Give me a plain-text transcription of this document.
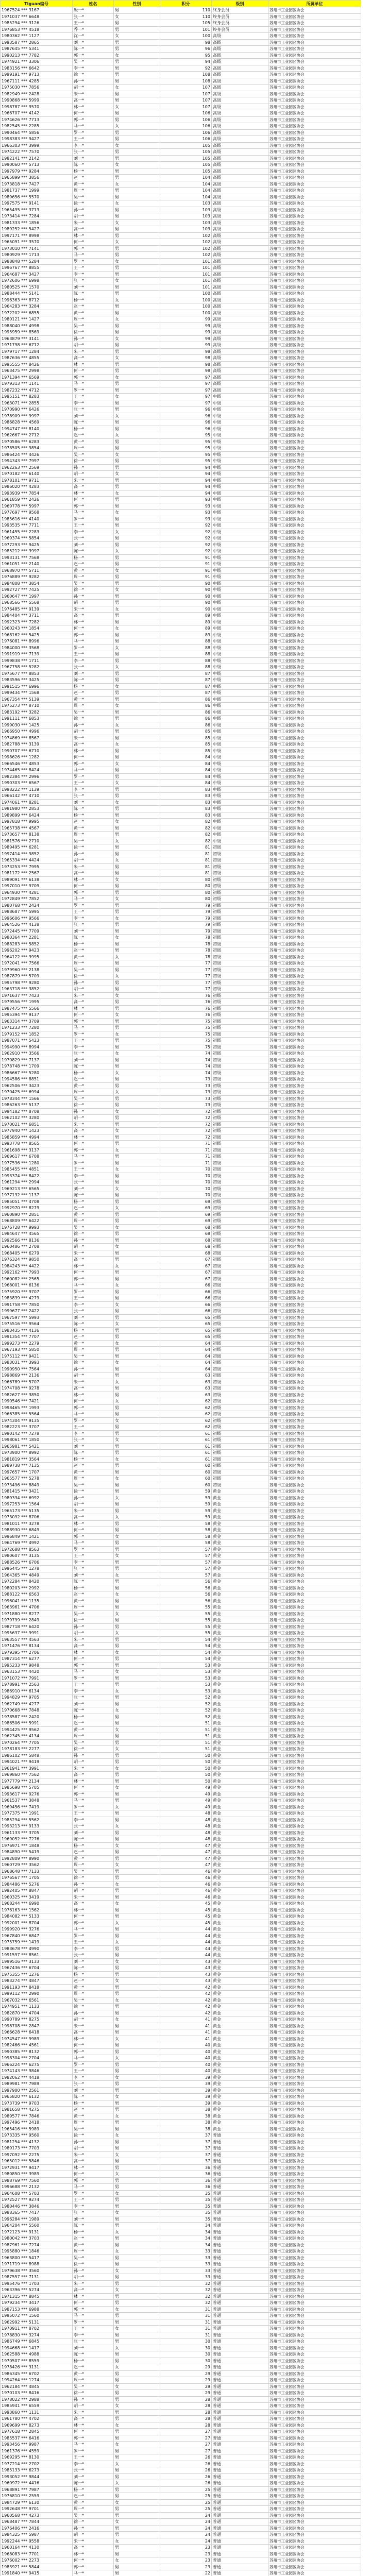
Tiguan编号	姓名	性别	积分	级别	所属单位
1967524 *** 3167	殷一*	男	110	终身会员	苏州市工业园区协会
1971037 *** 6648	张一*	女	110	终身会员	苏州市工业园区协会
1985294 *** 3126	王一*	男	105	终身会员	苏州市工业园区协会
1976853 *** 4518	乔一*	男	101	终身会员	苏州市工业园区协会
1980362 *** 1127	沈一*	女	100	高级	苏州市工业园区协会
1993587 *** 2865	刘一*	男	98	高级	苏州市工业园区协会
1987645 *** 5341	陈一*	男	96	高级	苏州市工业园区协会
1990213 *** 7782	郭一*	女	95	高级	苏州市工业园区协会
1974921 *** 3306	吴一*	男	94	高级	苏州市工业园区协会
1983156 *** 6642	李一*	男	92	高级	苏州市工业园区协会
1999191 *** 9713	徐一*	男	108	高级	苏州市工业园区协会
1967111 *** 4285	孙一*	男	108	高级	苏州市工业园区协会
1975030 *** 7856	胡一*	女	107	高级	苏州市工业园区协会
1982949 *** 2428	朱一*	男	107	高级	苏州市工业园区协会
1990868 *** 5999	高一*	男	107	高级	苏州市工业园区协会
1998787 *** 9570	林一*	女	107	高级	苏州市工业园区协会
1966707 *** 4142	何一*	男	106	高级	苏州市工业园区协会
1974626 *** 7713	郭一*	男	106	高级	苏州市工业园区协会
1982545 *** 2285	马一*	女	106	高级	苏州市工业园区协会
1990464 *** 5856	罗一*	男	106	高级	苏州市工业园区协会
1998383 *** 9427	王一*	男	106	高级	苏州市工业园区协会
1966303 *** 3999	李一*	女	105	高级	苏州市工业园区协会
1974222 *** 7570	张一*	男	105	高级	苏州市工业园区协会
1982141 *** 2142	刘一*	男	105	高级	苏州市工业园区协会
1990060 *** 5713	陈一*	女	105	高级	苏州市工业园区协会
1997979 *** 9284	杨一*	男	105	高级	苏州市工业园区协会
1965899 *** 3856	赵一*	男	104	高级	苏州市工业园区协会
1973818 *** 7427	黄一*	女	104	高级	苏州市工业园区协会
1981737 *** 1999	周一*	男	104	高级	苏州市工业园区协会
1989656 *** 5570	吴一*	男	104	高级	苏州市工业园区协会
1997575 *** 9141	徐一*	女	103	高级	苏州市工业园区协会
1965495 *** 3713	孙一*	男	103	高级	苏州市工业园区协会
1973414 *** 7284	胡一*	男	103	高级	苏州市工业园区协会
1981333 *** 1856	朱一*	女	103	高级	苏州市工业园区协会
1989252 *** 5427	高一*	男	103	高级	苏州市工业园区协会
1997171 *** 8998	林一*	男	102	高级	苏州市工业园区协会
1965091 *** 3570	何一*	女	102	高级	苏州市工业园区协会
1973010 *** 7141	郭一*	男	102	高级	苏州市工业园区协会
1980929 *** 1713	马一*	男	102	高级	苏州市工业园区协会
1988848 *** 5284	罗一*	女	101	高级	苏州市工业园区协会
1996767 *** 8855	王一*	男	101	高级	苏州市工业园区协会
1964687 *** 3427	李一*	男	101	高级	苏州市工业园区协会
1972606 *** 6998	张一*	女	101	高级	苏州市工业园区协会
1980525 *** 1570	刘一*	男	101	高级	苏州市工业园区协会
1988444 *** 5141	陈一*	男	100	高级	苏州市工业园区协会
1996363 *** 8712	杨一*	女	100	高级	苏州市工业园区协会
1964283 *** 3284	赵一*	男	100	高级	苏州市工业园区协会
1972202 *** 6855	黄一*	男	100	高级	苏州市工业园区协会
1980121 *** 1427	周一*	女	99	高级	苏州市工业园区协会
1988040 *** 4998	吴一*	男	99	高级	苏州市工业园区协会
1995959 *** 8569	徐一*	男	99	高级	苏州市工业园区协会
1963879 *** 3141	孙一*	女	99	高级	苏州市工业园区协会
1971798 *** 6712	胡一*	男	99	高级	苏州市工业园区协会
1979717 *** 1284	朱一*	男	98	高级	苏州市工业园区协会
1987636 *** 4855	高一*	女	98	高级	苏州市工业园区协会
1995555 *** 8426	林一*	男	98	高级	苏州市工业园区协会
1963475 *** 2998	何一*	男	98	高级	苏州市工业园区协会
1971394 *** 6569	郭一*	女	97	高级	苏州市工业园区协会
1979313 *** 1141	马一*	男	97	高级	苏州市工业园区协会
1987232 *** 4712	罗一*	男	97	高级	苏州市工业园区协会
1995151 *** 8283	王一*	女	97	中级	苏州市工业园区协会
1963071 *** 2855	李一*	男	97	中级	苏州市工业园区协会
1970990 *** 6426	张一*	男	96	中级	苏州市工业园区协会
1978909 *** 9997	刘一*	女	96	中级	苏州市工业园区协会
1986828 *** 4569	陈一*	男	96	中级	苏州市工业园区协会
1994747 *** 8140	杨一*	男	96	中级	苏州市工业园区协会
1962667 *** 2712	赵一*	女	95	中级	苏州市工业园区协会
1970586 *** 6283	黄一*	男	95	中级	苏州市工业园区协会
1978505 *** 9854	周一*	男	95	中级	苏州市工业园区协会
1986424 *** 4426	吴一*	女	95	中级	苏州市工业园区协会
1994343 *** 7997	徐一*	男	95	中级	苏州市工业园区协会
1962263 *** 2569	孙一*	男	94	中级	苏州市工业园区协会
1970182 *** 6140	胡一*	女	94	中级	苏州市工业园区协会
1978101 *** 9711	朱一*	男	94	中级	苏州市工业园区协会
1986020 *** 4283	高一*	男	94	中级	苏州市工业园区协会
1993939 *** 7854	林一*	女	94	中级	苏州市工业园区协会
1961859 *** 2426	何一*	男	93	中级	苏州市工业园区协会
1969778 *** 5997	郭一*	男	93	中级	苏州市工业园区协会
1977697 *** 9568	马一*	女	93	中级	苏州市工业园区协会
1985616 *** 4140	罗一*	男	93	中级	苏州市工业园区协会
1993535 *** 7711	王一*	男	92	中级	苏州市工业园区协会
1961455 *** 2283	李一*	女	92	中级	苏州市工业园区协会
1969374 *** 5854	张一*	男	92	中级	苏州市工业园区协会
1977293 *** 9425	刘一*	男	92	中级	苏州市工业园区协会
1985212 *** 3997	陈一*	女	92	中级	苏州市工业园区协会
1993131 *** 7568	杨一*	男	91	中级	苏州市工业园区协会
1961051 *** 2140	赵一*	男	91	中级	苏州市工业园区协会
1968970 *** 5711	黄一*	女	91	中级	苏州市工业园区协会
1976889 *** 9282	周一*	男	91	中级	苏州市工业园区协会
1984808 *** 3854	吴一*	男	90	中级	苏州市工业园区协会
1992727 *** 7425	徐一*	女	90	中级	苏州市工业园区协会
1960647 *** 1997	孙一*	男	90	中级	苏州市工业园区协会
1968566 *** 5568	胡一*	男	90	中级	苏州市工业园区协会
1976485 *** 9139	朱一*	女	90	中级	苏州市工业园区协会
1984404 *** 3711	高一*	男	89	中级	苏州市工业园区协会
1992323 *** 7282	林一*	男	89	中级	苏州市工业园区协会
1960243 *** 1854	何一*	女	89	中级	苏州市工业园区协会
1968162 *** 5425	郭一*	男	89	中级	苏州市工业园区协会
1976081 *** 8996	马一*	男	88	中级	苏州市工业园区协会
1984000 *** 3568	罗一*	女	88	中级	苏州市工业园区协会
1991919 *** 7139	王一*	男	88	中级	苏州市工业园区协会
1999838 *** 1711	李一*	男	88	中级	苏州市工业园区协会
1967758 *** 5282	张一*	女	88	中级	苏州市工业园区协会
1975677 *** 8853	刘一*	男	87	中级	苏州市工业园区协会
1983596 *** 3425	陈一*	男	87	中级	苏州市工业园区协会
1991515 *** 6996	杨一*	女	87	中级	苏州市工业园区协会
1999434 *** 1568	赵一*	男	87	中级	苏州市工业园区协会
1967354 *** 5139	黄一*	男	86	中级	苏州市工业园区协会
1975273 *** 8710	周一*	女	86	中级	苏州市工业园区协会
1983192 *** 3282	吴一*	男	86	中级	苏州市工业园区协会
1991111 *** 6853	徐一*	男	86	中级	苏州市工业园区协会
1999030 *** 1425	孙一*	女	86	中级	苏州市工业园区协会
1966950 *** 4996	胡一*	男	85	中级	苏州市工业园区协会
1974869 *** 8567	朱一*	男	85	中级	苏州市工业园区协会
1982788 *** 3139	高一*	女	85	中级	苏州市工业园区协会
1990707 *** 6710	林一*	男	85	中级	苏州市工业园区协会
1998626 *** 1282	何一*	男	84	中级	苏州市工业园区协会
1966546 *** 4853	郭一*	女	84	中级	苏州市工业园区协会
1974465 *** 8424	马一*	男	84	中级	苏州市工业园区协会
1982384 *** 2996	罗一*	男	84	中级	苏州市工业园区协会
1990303 *** 6567	王一*	女	84	中级	苏州市工业园区协会
1998222 *** 1139	李一*	男	83	中级	苏州市工业园区协会
1966142 *** 4710	张一*	男	83	中级	苏州市工业园区协会
1974061 *** 8281	刘一*	女	83	中级	苏州市工业园区协会
1981980 *** 2853	陈一*	男	83	中级	苏州市工业园区协会
1989899 *** 6424	杨一*	男	83	中级	苏州市工业园区协会
1997818 *** 9995	赵一*	女	82	中级	苏州市工业园区协会
1965738 *** 4567	黄一*	男	82	中级	苏州市工业园区协会
1973657 *** 8138	周一*	男	82	中级	苏州市工业园区协会
1981576 *** 2710	吴一*	女	82	中级	苏州市工业园区协会
1989495 *** 6281	徐一*	男	81	初级	苏州市工业园区协会
1997414 *** 9852	孙一*	男	81	初级	苏州市工业园区协会
1965334 *** 4424	胡一*	女	81	初级	苏州市工业园区协会
1973253 *** 7995	朱一*	男	81	初级	苏州市工业园区协会
1981172 *** 2567	高一*	男	81	初级	苏州市工业园区协会
1989091 *** 6138	林一*	女	80	初级	苏州市工业园区协会
1997010 *** 9709	何一*	男	80	初级	苏州市工业园区协会
1964930 *** 4281	郭一*	男	80	初级	苏州市工业园区协会
1972849 *** 7852	马一*	女	80	初级	苏州市工业园区协会
1980768 *** 2424	罗一*	男	79	初级	苏州市工业园区协会
1988687 *** 5995	王一*	男	79	初级	苏州市工业园区协会
1996606 *** 9566	李一*	女	79	初级	苏州市工业园区协会
1964526 *** 4138	张一*	男	79	初级	苏州市工业园区协会
1972445 *** 7709	刘一*	男	79	初级	苏州市工业园区协会
1980364 *** 2281	陈一*	女	78	初级	苏州市工业园区协会
1988283 *** 5852	杨一*	男	78	初级	苏州市工业园区协会
1996202 *** 9423	赵一*	男	78	初级	苏州市工业园区协会
1964122 *** 3995	黄一*	女	78	初级	苏州市工业园区协会
1972041 *** 7566	周一*	男	77	初级	苏州市工业园区协会
1979960 *** 2138	吴一*	男	77	初级	苏州市工业园区协会
1987879 *** 5709	徐一*	女	77	初级	苏州市工业园区协会
1995798 *** 9280	孙一*	男	77	初级	苏州市工业园区协会
1963718 *** 3852	胡一*	男	77	初级	苏州市工业园区协会
1971637 *** 7423	朱一*	女	76	初级	苏州市工业园区协会
1979556 *** 1995	高一*	男	76	初级	苏州市工业园区协会
1987475 *** 5566	林一*	男	76	初级	苏州市工业园区协会
1995394 *** 9137	何一*	女	76	初级	苏州市工业园区协会
1963314 *** 3709	郭一*	男	75	初级	苏州市工业园区协会
1971233 *** 7280	马一*	男	75	初级	苏州市工业园区协会
1979152 *** 1852	罗一*	女	75	初级	苏州市工业园区协会
1987071 *** 5423	王一*	男	75	初级	苏州市工业园区协会
1994990 *** 8994	李一*	男	75	初级	苏州市工业园区协会
1962910 *** 3566	张一*	女	74	初级	苏州市工业园区协会
1970829 *** 7137	刘一*	男	74	初级	苏州市工业园区协会
1978748 *** 1709	陈一*	男	74	初级	苏州市工业园区协会
1986667 *** 5280	杨一*	女	74	初级	苏州市工业园区协会
1994586 *** 8851	赵一*	男	73	初级	苏州市工业园区协会
1962506 *** 3423	黄一*	男	73	初级	苏州市工业园区协会
1970425 *** 6994	周一*	女	73	初级	苏州市工业园区协会
1978344 *** 1566	吴一*	男	73	初级	苏州市工业园区协会
1986263 *** 5137	徐一*	男	73	初级	苏州市工业园区协会
1994182 *** 8708	孙一*	女	72	初级	苏州市工业园区协会
1962102 *** 3280	胡一*	男	72	初级	苏州市工业园区协会
1970021 *** 6851	朱一*	男	72	初级	苏州市工业园区协会
1977940 *** 1423	高一*	女	72	初级	苏州市工业园区协会
1985859 *** 4994	林一*	男	72	初级	苏州市工业园区协会
1993778 *** 8565	何一*	男	71	初级	苏州市工业园区协会
1961698 *** 3137	郭一*	女	71	初级	苏州市工业园区协会
1969617 *** 6708	马一*	男	71	初级	苏州市工业园区协会
1977536 *** 1280	罗一*	男	71	初级	苏州市工业园区协会
1985455 *** 4851	王一*	女	70	初级	苏州市工业园区协会
1993374 *** 8422	李一*	男	70	初级	苏州市工业园区协会
1961294 *** 2994	张一*	男	70	初级	苏州市工业园区协会
1969213 *** 6565	刘一*	女	70	初级	苏州市工业园区协会
1977132 *** 1137	陈一*	男	70	初级	苏州市工业园区协会
1985051 *** 4708	杨一*	男	69	初级	苏州市工业园区协会
1992970 *** 8279	赵一*	女	69	初级	苏州市工业园区协会
1960890 *** 2851	黄一*	男	69	初级	苏州市工业园区协会
1968809 *** 6422	周一*	男	69	初级	苏州市工业园区协会
1976728 *** 9993	吴一*	女	68	初级	苏州市工业园区协会
1984647 *** 4565	徐一*	男	68	初级	苏州市工业园区协会
1992566 *** 8136	孙一*	男	68	初级	苏州市工业园区协会
1960486 *** 2708	胡一*	女	68	初级	苏州市工业园区协会
1968405 *** 6279	朱一*	男	68	初级	苏州市工业园区协会
1976324 *** 9850	高一*	男	67	初级	苏州市工业园区协会
1984243 *** 4422	林一*	女	67	初级	苏州市工业园区协会
1992162 *** 7993	何一*	男	67	初级	苏州市工业园区协会
1960082 *** 2565	郭一*	男	67	初级	苏州市工业园区协会
1968001 *** 6136	马一*	女	66	初级	苏州市工业园区协会
1975920 *** 9707	罗一*	男	66	初级	苏州市工业园区协会
1983839 *** 4279	王一*	男	66	初级	苏州市工业园区协会
1991758 *** 7850	李一*	女	66	初级	苏州市工业园区协会
1999677 *** 2422	张一*	男	66	初级	苏州市工业园区协会
1967597 *** 5993	刘一*	男	65	初级	苏州市工业园区协会
1975516 *** 9564	陈一*	女	65	初级	苏州市工业园区协会
1983435 *** 4136	杨一*	男	65	初级	苏州市工业园区协会
1991354 *** 7707	赵一*	男	65	初级	苏州市工业园区协会
1999273 *** 2279	黄一*	女	64	初级	苏州市工业园区协会
1967193 *** 5850	周一*	男	64	初级	苏州市工业园区协会
1975112 *** 9421	吴一*	男	64	初级	苏州市工业园区协会
1983031 *** 3993	徐一*	女	64	初级	苏州市工业园区协会
1990950 *** 7564	孙一*	男	64	初级	苏州市工业园区协会
1998869 *** 2136	胡一*	男	63	初级	苏州市工业园区协会
1966789 *** 5707	朱一*	女	63	初级	苏州市工业园区协会
1974708 *** 9278	高一*	男	63	初级	苏州市工业园区协会
1982627 *** 3850	林一*	男	63	初级	苏州市工业园区协会
1990546 *** 7421	何一*	女	62	初级	苏州市工业园区协会
1998465 *** 1993	郭一*	男	62	初级	苏州市工业园区协会
1966385 *** 5564	马一*	男	62	初级	苏州市工业园区协会
1974304 *** 9135	罗一*	女	62	初级	苏州市工业园区协会
1982223 *** 3707	王一*	男	62	初级	苏州市工业园区协会
1990142 *** 7278	李一*	男	61	初级	苏州市工业园区协会
1998061 *** 1850	张一*	女	61	初级	苏州市工业园区协会
1965981 *** 5421	刘一*	男	61	初级	苏州市工业园区协会
1973900 *** 8992	陈一*	男	61	初级	苏州市工业园区协会
1981819 *** 3564	杨一*	女	61	初级	苏州市工业园区协会
1989738 *** 7135	赵一*	男	60	初级	苏州市工业园区协会
1997657 *** 1707	黄一*	男	60	初级	苏州市工业园区协会
1965577 *** 5278	周一*	女	60	初级	苏州市工业园区协会
1973496 *** 8849	吴一*	男	60	初级	苏州市工业园区协会
1981415 *** 3421	徐一*	男	59	黄金	苏州市工业园区协会
1989334 *** 6992	孙一*	女	59	黄金	苏州市工业园区协会
1997253 *** 1564	胡一*	男	59	黄金	苏州市工业园区协会
1965173 *** 5135	朱一*	男	59	黄金	苏州市工业园区协会
1973092 *** 8706	高一*	女	59	黄金	苏州市工业园区协会
1981011 *** 3278	林一*	男	58	黄金	苏州市工业园区协会
1988930 *** 6849	何一*	男	58	黄金	苏州市工业园区协会
1996849 *** 1421	郭一*	女	58	黄金	苏州市工业园区协会
1964769 *** 4992	马一*	男	58	黄金	苏州市工业园区协会
1972688 *** 8563	罗一*	男	57	黄金	苏州市工业园区协会
1980607 *** 3135	王一*	女	57	黄金	苏州市工业园区协会
1988526 *** 6706	李一*	男	57	黄金	苏州市工业园区协会
1996445 *** 1278	张一*	男	57	黄金	苏州市工业园区协会
1964365 *** 4849	刘一*	女	57	黄金	苏州市工业园区协会
1972284 *** 8420	陈一*	男	56	黄金	苏州市工业园区协会
1980203 *** 2992	杨一*	男	56	黄金	苏州市工业园区协会
1988122 *** 6563	赵一*	女	56	黄金	苏州市工业园区协会
1996041 *** 1135	黄一*	男	56	黄金	苏州市工业园区协会
1963961 *** 4706	周一*	男	55	黄金	苏州市工业园区协会
1971880 *** 8277	吴一*	女	55	黄金	苏州市工业园区协会
1979799 *** 2849	徐一*	男	55	黄金	苏州市工业园区协会
1987718 *** 6420	孙一*	男	55	黄金	苏州市工业园区协会
1995637 *** 9991	胡一*	女	55	黄金	苏州市工业园区协会
1963557 *** 4563	朱一*	男	54	黄金	苏州市工业园区协会
1971476 *** 8134	高一*	男	54	黄金	苏州市工业园区协会
1979395 *** 2706	林一*	女	54	黄金	苏州市工业园区协会
1987314 *** 6277	何一*	男	54	黄金	苏州市工业园区协会
1995233 *** 9848	郭一*	男	53	黄金	苏州市工业园区协会
1963153 *** 4420	马一*	女	53	黄金	苏州市工业园区协会
1971072 *** 7991	罗一*	男	53	黄金	苏州市工业园区协会
1978991 *** 2563	王一*	男	53	黄金	苏州市工业园区协会
1986910 *** 6134	李一*	女	53	黄金	苏州市工业园区协会
1994829 *** 9705	张一*	男	52	黄金	苏州市工业园区协会
1962749 *** 4277	刘一*	男	52	黄金	苏州市工业园区协会
1970668 *** 7848	陈一*	女	52	黄金	苏州市工业园区协会
1978587 *** 2420	杨一*	男	52	黄金	苏州市工业园区协会
1986506 *** 5991	赵一*	男	51	黄金	苏州市工业园区协会
1994425 *** 9562	黄一*	女	51	黄金	苏州市工业园区协会
1962345 *** 4134	周一*	男	51	黄金	苏州市工业园区协会
1970264 *** 7705	吴一*	男	51	黄金	苏州市工业园区协会
1978183 *** 2277	徐一*	女	51	黄金	苏州市工业园区协会
1986102 *** 5848	孙一*	男	50	黄金	苏州市工业园区协会
1994021 *** 9419	胡一*	男	50	黄金	苏州市工业园区协会
1961941 *** 3991	朱一*	女	50	黄金	苏州市工业园区协会
1969860 *** 7562	高一*	男	50	黄金	苏州市工业园区协会
1977779 *** 2134	林一*	男	50	黄金	苏州市工业园区协会
1985698 *** 5705	何一*	女	49	黄金	苏州市工业园区协会
1993617 *** 9276	郭一*	男	49	黄金	苏州市工业园区协会
1961537 *** 3848	马一*	男	49	黄金	苏州市工业园区协会
1969456 *** 7419	罗一*	女	49	黄金	苏州市工业园区协会
1977375 *** 1991	王一*	男	48	黄金	苏州市工业园区协会
1985294 *** 5562	李一*	男	48	黄金	苏州市工业园区协会
1993213 *** 9133	张一*	女	48	黄金	苏州市工业园区协会
1961133 *** 3705	刘一*	男	48	黄金	苏州市工业园区协会
1969052 *** 7276	陈一*	男	48	黄金	苏州市工业园区协会
1976971 *** 1848	杨一*	女	47	黄金	苏州市工业园区协会
1984890 *** 5419	赵一*	男	47	黄金	苏州市工业园区协会
1992809 *** 8990	黄一*	男	47	黄金	苏州市工业园区协会
1960729 *** 3562	周一*	女	47	黄金	苏州市工业园区协会
1968648 *** 7133	吴一*	男	46	黄金	苏州市工业园区协会
1976567 *** 1705	徐一*	男	46	黄金	苏州市工业园区协会
1984486 *** 5276	孙一*	女	46	黄金	苏州市工业园区协会
1992405 *** 8847	胡一*	男	46	黄金	苏州市工业园区协会
1960325 *** 3419	朱一*	男	46	黄金	苏州市工业园区协会
1968244 *** 6990	高一*	女	45	黄金	苏州市工业园区协会
1976163 *** 1562	林一*	男	45	黄金	苏州市工业园区协会
1984082 *** 5133	何一*	男	45	黄金	苏州市工业园区协会
1992001 *** 8704	郭一*	女	45	黄金	苏州市工业园区协会
1999920 *** 3276	马一*	男	44	黄金	苏州市工业园区协会
1967840 *** 6847	罗一*	男	44	黄金	苏州市工业园区协会
1975759 *** 1419	王一*	女	44	黄金	苏州市工业园区协会
1983678 *** 4990	李一*	男	44	黄金	苏州市工业园区协会
1991597 *** 8561	张一*	男	44	黄金	苏州市工业园区协会
1999516 *** 3133	刘一*	女	43	黄金	苏州市工业园区协会
1967436 *** 6704	陈一*	男	43	黄金	苏州市工业园区协会
1975355 *** 1276	杨一*	男	43	黄金	苏州市工业园区协会
1983274 *** 4847	赵一*	女	43	黄金	苏州市工业园区协会
1991193 *** 8418	黄一*	男	42	黄金	苏州市工业园区协会
1999112 *** 2990	周一*	男	42	黄金	苏州市工业园区协会
1967032 *** 6561	吴一*	女	42	黄金	苏州市工业园区协会
1974951 *** 1133	徐一*	男	42	黄金	苏州市工业园区协会
1982870 *** 4704	孙一*	男	42	黄金	苏州市工业园区协会
1990789 *** 8275	胡一*	女	41	黄金	苏州市工业园区协会
1998708 *** 2847	朱一*	男	41	黄金	苏州市工业园区协会
1966628 *** 6418	高一*	男	41	黄金	苏州市工业园区协会
1974547 *** 9989	林一*	女	41	黄金	苏州市工业园区协会
1982466 *** 4561	何一*	男	40	黄金	苏州市工业园区协会
1990385 *** 8132	郭一*	男	40	黄金	苏州市工业园区协会
1998304 *** 2704	马一*	女	40	黄金	苏州市工业园区协会
1966224 *** 6275	罗一*	男	40	黄金	苏州市工业园区协会
1974143 *** 9846	王一*	男	40	黄金	苏州市工业园区协会
1982062 *** 4418	李一*	女	39	黄金	苏州市工业园区协会
1989981 *** 7989	张一*	男	39	黄金	苏州市工业园区协会
1997900 *** 2561	刘一*	男	39	黄金	苏州市工业园区协会
1965820 *** 6132	陈一*	女	39	黄金	苏州市工业园区协会
1973739 *** 9703	杨一*	男	39	黄金	苏州市工业园区协会
1981658 *** 4275	赵一*	男	38	黄金	苏州市工业园区协会
1989577 *** 7846	黄一*	女	38	黄金	苏州市工业园区协会
1997496 *** 2418	周一*	男	38	黄金	苏州市工业园区协会
1965416 *** 5989	吴一*	男	38	黄金	苏州市工业园区协会
1973335 *** 9560	徐一*	女	37	普通	苏州市工业园区协会
1981254 *** 4132	孙一*	男	37	普通	苏州市工业园区协会
1989173 *** 7703	胡一*	男	37	普通	苏州市工业园区协会
1997092 *** 2275	朱一*	女	37	普通	苏州市工业园区协会
1965012 *** 5846	高一*	男	37	普通	苏州市工业园区协会
1972931 *** 9417	林一*	男	36	普通	苏州市工业园区协会
1980850 *** 3989	何一*	女	36	普通	苏州市工业园区协会
1988769 *** 7560	郭一*	男	36	普通	苏州市工业园区协会
1996688 *** 2132	马一*	男	36	普通	苏州市工业园区协会
1964608 *** 5703	罗一*	女	35	普通	苏州市工业园区协会
1972527 *** 9274	王一*	男	35	普通	苏州市工业园区协会
1980446 *** 3846	李一*	男	35	普通	苏州市工业园区协会
1988365 *** 7417	张一*	女	35	普通	苏州市工业园区协会
1996284 *** 1989	刘一*	男	35	普通	苏州市工业园区协会
1964204 *** 5560	陈一*	男	34	普通	苏州市工业园区协会
1972123 *** 9131	杨一*	女	34	普通	苏州市工业园区协会
1980042 *** 3703	赵一*	男	34	普通	苏州市工业园区协会
1987961 *** 7274	黄一*	男	34	普通	苏州市工业园区协会
1995880 *** 1846	周一*	女	33	普通	苏州市工业园区协会
1963800 *** 5417	吴一*	男	33	普通	苏州市工业园区协会
1971719 *** 8988	徐一*	男	33	普通	苏州市工业园区协会
1979638 *** 3560	孙一*	女	33	普通	苏州市工业园区协会
1987557 *** 7131	胡一*	男	33	普通	苏州市工业园区协会
1995476 *** 1703	朱一*	男	32	普通	苏州市工业园区协会
1963396 *** 5274	高一*	女	32	普通	苏州市工业园区协会
1971315 *** 8845	林一*	男	32	普通	苏州市工业园区协会
1979234 *** 3417	何一*	男	32	普通	苏州市工业园区协会
1987153 *** 6988	郭一*	女	31	普通	苏州市工业园区协会
1995072 *** 1560	马一*	男	31	普通	苏州市工业园区协会
1962992 *** 5131	罗一*	男	31	普通	苏州市工业园区协会
1970911 *** 8702	王一*	女	31	普通	苏州市工业园区协会
1978830 *** 3274	李一*	男	31	普通	苏州市工业园区协会
1986749 *** 6845	张一*	男	30	普通	苏州市工业园区协会
1994668 *** 1417	刘一*	女	30	普通	苏州市工业园区协会
1962588 *** 4988	陈一*	男	30	普通	苏州市工业园区协会
1970507 *** 8559	杨一*	男	30	普通	苏州市工业园区协会
1978426 *** 3131	赵一*	女	29	普通	苏州市工业园区协会
1986345 *** 6702	黄一*	男	29	普通	苏州市工业园区协会
1994264 *** 1274	周一*	男	29	普通	苏州市工业园区协会
1962184 *** 4845	吴一*	女	29	普通	苏州市工业园区协会
1970103 *** 8416	徐一*	男	29	普通	苏州市工业园区协会
1978022 *** 2988	孙一*	男	28	普通	苏州市工业园区协会
1985941 *** 6559	胡一*	女	28	普通	苏州市工业园区协会
1993860 *** 1131	朱一*	男	28	普通	苏州市工业园区协会
1961780 *** 4702	高一*	男	28	普通	苏州市工业园区协会
1969699 *** 8273	林一*	女	28	普通	苏州市工业园区协会
1977618 *** 2845	何一*	男	27	普通	苏州市工业园区协会
1985537 *** 6416	郭一*	男	27	普通	苏州市工业园区协会
1993456 *** 9987	马一*	女	27	普通	苏州市工业园区协会
1961376 *** 4559	罗一*	男	27	普通	苏州市工业园区协会
1969295 *** 8130	王一*	男	26	普通	苏州市工业园区协会
1977214 *** 2702	李一*	女	26	普通	苏州市工业园区协会
1985133 *** 6273	张一*	男	26	普通	苏州市工业园区协会
1993052 *** 9844	刘一*	男	26	普通	苏州市工业园区协会
1960972 *** 4416	陈一*	女	26	普通	苏州市工业园区协会
1968891 *** 7987	杨一*	男	25	普通	苏州市工业园区协会
1976810 *** 2559	赵一*	男	25	普通	苏州市工业园区协会
1984729 *** 6130	黄一*	女	25	普通	苏州市工业园区协会
1992648 *** 9701	周一*	男	25	普通	苏州市工业园区协会
1960568 *** 4273	吴一*	男	24	普通	苏州市工业园区协会
1968487 *** 7844	徐一*	女	24	普通	苏州市工业园区协会
1976406 *** 2416	孙一*	男	24	普通	苏州市工业园区协会
1984325 *** 5987	胡一*	男	24	普通	苏州市工业园区协会
1992244 *** 9558	朱一*	女	24	普通	苏州市工业园区协会
1960164 *** 4130	高一*	男	23	普通	苏州市工业园区协会
1968083 *** 7701	林一*	男	23	普通	苏州市工业园区协会
1976002 *** 2273	何一*	女	23	普通	苏州市工业园区协会
1983921 *** 5844	郭一*	男	23	普通	苏州市工业园区协会
1991840 *** 9415	马一*	男	22	普通	苏州市工业园区协会
